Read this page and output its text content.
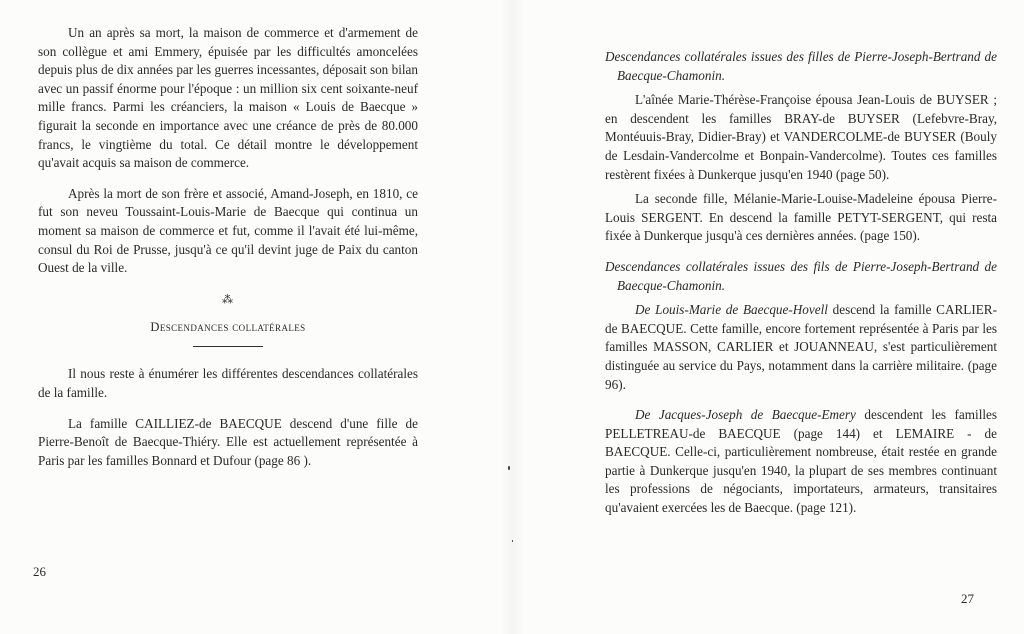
Un an après sa mort, la maison de commerce et d'armement de son collègue et ami Emmery, épuisée par les difficultés amoncelées depuis plus de dix années par les guerres incessantes, déposait son bilan avec un passif énorme pour l'époque : un million six cent soixante-neuf mille francs. Parmi les créanciers, la maison « Louis de Baecque » figurait la seconde en importance avec une créance de près de 80.000 francs, le vingtième du total. Ce détail montre le développement qu'avait acquis sa maison de commerce.

Après la mort de son frère et associé, Amand-Joseph, en 1810, ce fut son neveu Toussaint-Louis-Marie de Baecque qui continua un moment sa maison de commerce et fut, comme il l'avait été lui-même, consul du Roi de Prusse, jusqu'à ce qu'il devint juge de Paix du canton Ouest de la ville.

⁂
Descendances collatérales

Il nous reste à énumérer les différentes descendances collatérales de la famille.

La famille CAILLIEZ-de BAECQUE descend d'une fille de Pierre-Benoît de Baecque-Thiéry. Elle est actuellement représentée à Paris par les familles Bonnard et Dufour (page 86 ).

26

Descendances collatérales issues des filles de Pierre-Joseph-Bertrand de Baecque-Chamonin.

L'aînée Marie-Thérèse-Françoise épousa Jean-Louis de BUYSER ; en descendent les familles BRAY-de BUYSER (Lefebvre-Bray, Montéuuis-Bray, Didier-Bray) et VANDERCOLME-de BUYSER (Bouly de Lesdain-Vandercolme et Bonpain-Vandercolme). Toutes ces familles restèrent fixées à Dunkerque jusqu'en 1940 (page 50).

La seconde fille, Mélanie-Marie-Louise-Madeleine épousa Pierre-Louis SERGENT. En descend la famille PETYT-SERGENT, qui resta fixée à Dunkerque jusqu'à ces dernières années. (page 150).

Descendances collatérales issues des fils de Pierre-Joseph-Bertrand de Baecque-Chamonin.

De Louis-Marie de Baecque-Hovell descend la famille CARLIER-de BAECQUE. Cette famille, encore fortement représentée à Paris par les familles MASSON, CARLIER et JOUANNEAU, s'est particulièrement distinguée au service du Pays, notamment dans la carrière militaire. (page 96).

De Jacques-Joseph de Baecque-Emery descendent les familles PELLETREAU-de BAECQUE (page 144) et LEMAIRE - de BAECQUE. Celle-ci, particulièrement nombreuse, était restée en grande partie à Dunkerque jusqu'en 1940, la plupart de ses membres continuant les professions de négociants, importateurs, armateurs, transitaires qu'avaient exercées les de Baecque. (page 121).

27
